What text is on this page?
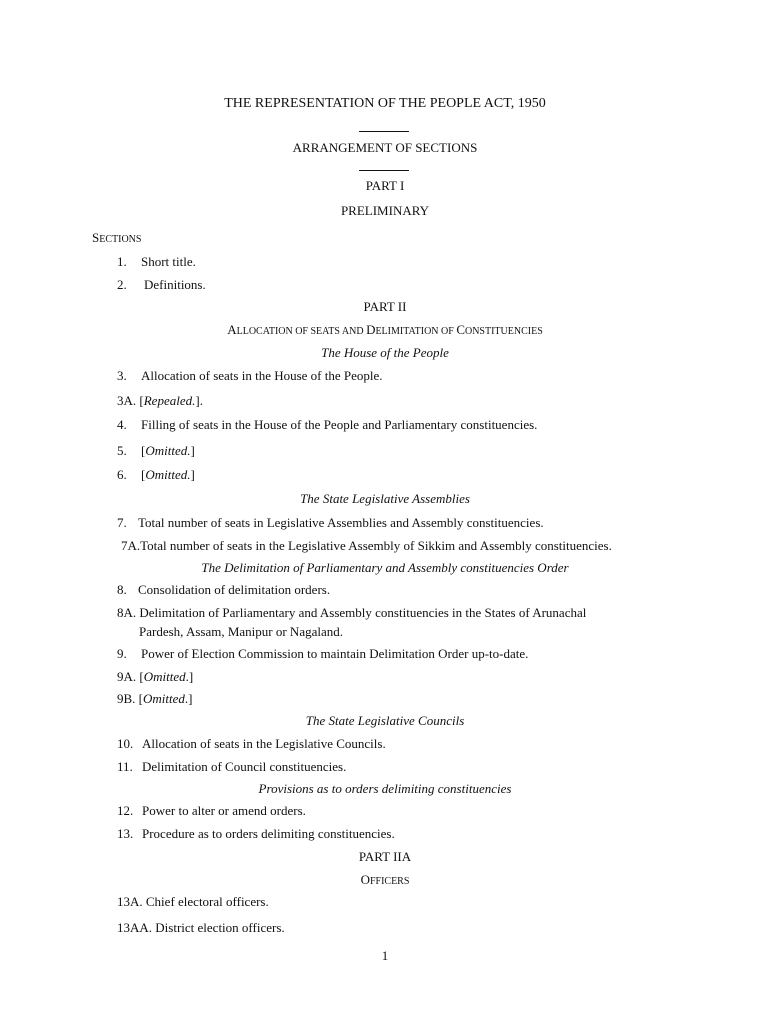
THE REPRESENTATION OF THE PEOPLE ACT, 1950
ARRANGEMENT OF SECTIONS
PART I
PRELIMINARY
SECTIONS
1. Short title.
2. Definitions.
PART II
ALLOCATION OF SEATS AND DELIMITATION OF CONSTITUENCIES
The House of the People
3. Allocation of seats in the House of the People.
3A. [Repealed.].
4. Filling of seats in the House of the People and Parliamentary constituencies.
5. [Omitted.]
6. [Omitted.]
The State Legislative Assemblies
7. Total number of seats in Legislative Assemblies and Assembly constituencies.
7A.Total number of seats in the Legislative Assembly of Sikkim and Assembly constituencies.
The Delimitation of Parliamentary and Assembly constituencies Order
8. Consolidation of delimitation orders.
8A. Delimitation of Parliamentary and Assembly constituencies in the States of Arunachal
Pardesh, Assam, Manipur or Nagaland.
9. Power of Election Commission to maintain Delimitation Order up-to-date.
9A. [Omitted.]
9B. [Omitted.]
The State Legislative Councils
10. Allocation of seats in the Legislative Councils.
11. Delimitation of Council constituencies.
Provisions as to orders delimiting constituencies
12. Power to alter or amend orders.
13. Procedure as to orders delimiting constituencies.
PART IIA
OFFICERS
13A. Chief electoral officers.
13AA. District election officers.
1
